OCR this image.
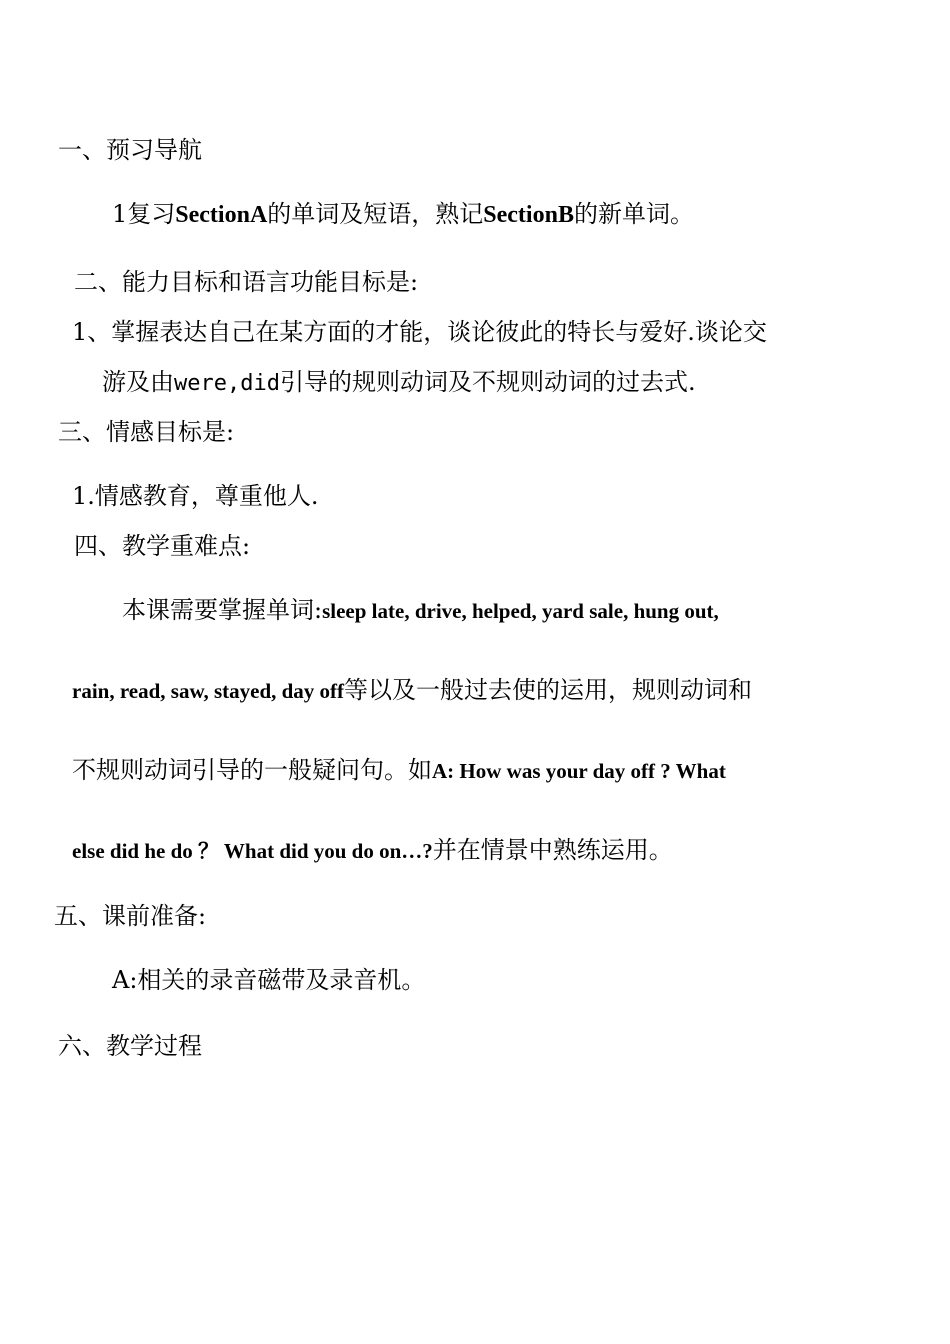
一、预习导航
1复习SectionA的单词及短语，熟记SectionB的新单词。
二、能力目标和语言功能目标是:
1、掌握表达自己在某方面的才能，谈论彼此的特长与爱好.谈论交
游及由were,did引导的规则动词及不规则动词的过去式.
三、情感目标是:
1.情感教育，尊重他人.
四、教学重难点:
本课需要掌握单词:sleep late, drive, helped, yard sale, hung out,
rain, read, saw, stayed, day off等以及一般过去使的运用，规则动词和
不规则动词引导的一般疑问句。如A: How was your day off ? What
else did he do ？ What did you do on…?并在情景中熟练运用。
五、课前准备:
A:相关的录音磁带及录音机。
六、教学过程
